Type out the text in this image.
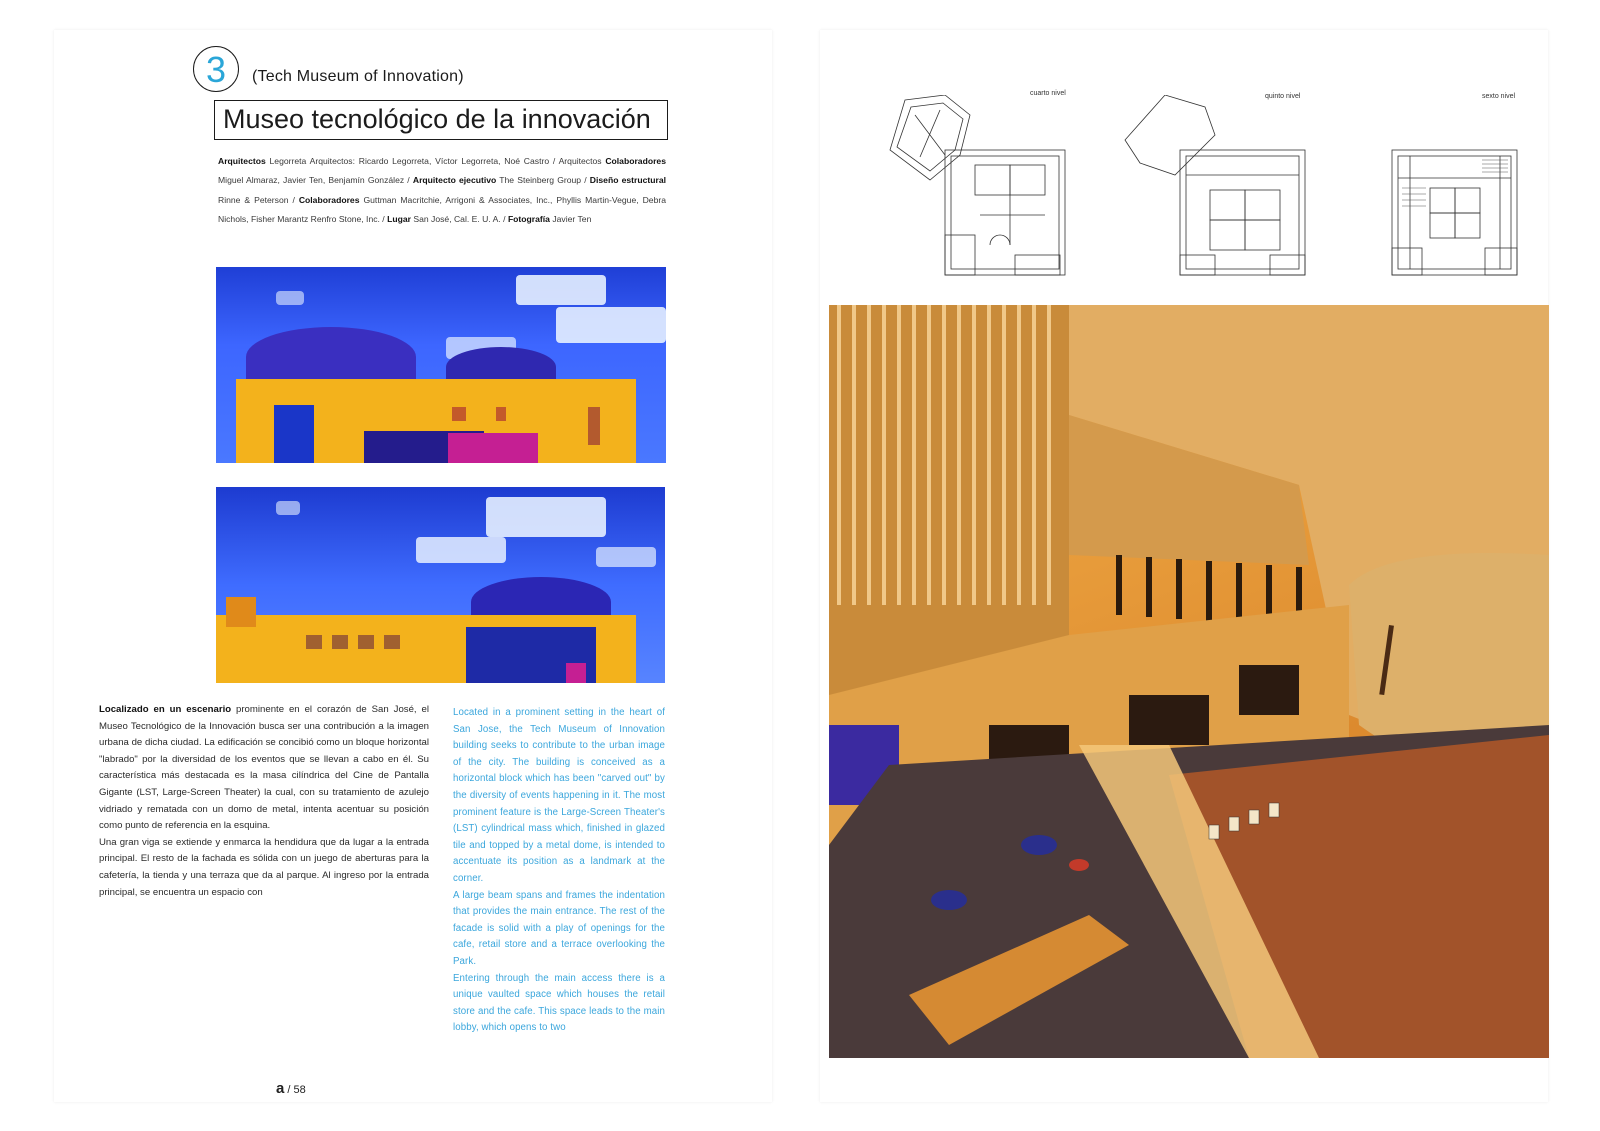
3	(Tech Museum of Innovation)
Museo tecnológico de la innovación
Arquitectos Legorreta Arquitectos: Ricardo Legorreta, Víctor Legorreta, Noé Castro / Arquitectos Colaboradores Miguel Almaraz, Javier Ten, Benjamín González / Arquitecto ejecutivo The Steinberg Group / Diseño estructural Rinne & Peterson / Colaboradores Guttman Macritchie, Arrigoni & Associates, Inc., Phyllis Martin-Vegue, Debra Nichols, Fisher Marantz Renfro Stone, Inc. / Lugar San José, Cal. E. U. A. / Fotografía Javier Ten

Localizado en un escenario prominente en el corazón de San José, el Museo Tecnológico de la Innovación busca ser una contribución a la imagen urbana de dicha ciudad. La edificación se concibió como un bloque horizontal "labrado" por la diversidad de los eventos que se llevan a cabo en él. Su característica más destacada es la masa cilíndrica del Cine de Pantalla Gigante (LST, Large-Screen Theater) la cual, con su tratamiento de azulejo vidriado y rematada con un domo de metal, intenta acentuar su posición como punto de referencia en la esquina.

Una gran viga se extiende y enmarca la hendidura que da lugar a la entrada principal. El resto de la fachada es sólida con un juego de aberturas para la cafetería, la tienda y una terraza que da al parque. Al ingreso por la entrada principal, se encuentra un espacio con

Located in a prominent setting in the heart of San Jose, the Tech Museum of Innovation building seeks to contribute to the urban image of the city. The building is conceived as a horizontal block which has been "carved out" by the diversity of events happening in it. The most prominent feature is the Large-Screen Theater's (LST) cylindrical mass which, finished in glazed tile and topped by a metal dome, is intended to accentuate its position as a landmark at the corner.

A large beam spans and frames the indentation that provides the main entrance. The rest of the facade is solid with a play of openings for the cafe, retail store and a terrace overlooking the Park.

Entering through the main access there is a unique vaulted space which houses the retail store and the cafe. This space leads to the main lobby, which opens to two

a / 58
cuarto nivel	quinto nivel	sexto nivel
